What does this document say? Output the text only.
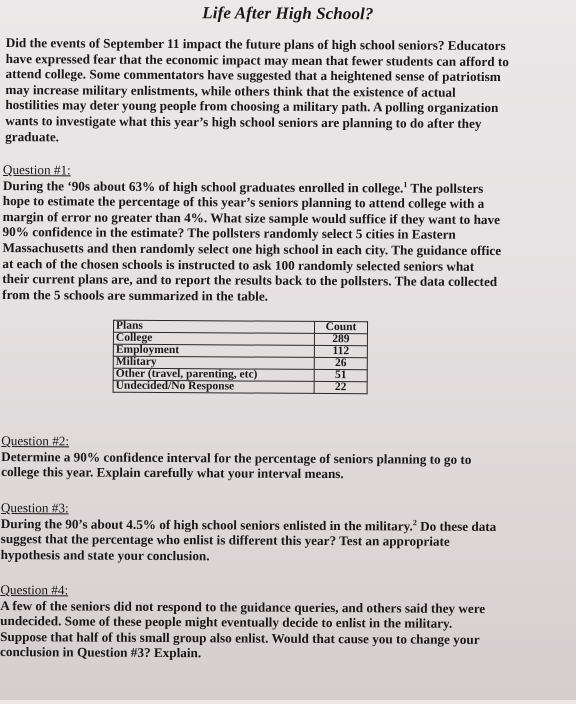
Life After High School?
Did the events of September 11 impact the future plans of high school seniors? Educators
have expressed fear that the economic impact may mean that fewer students can afford to
attend college. Some commentators have suggested that a heightened sense of patriotism
may increase military enlistments, while others think that the existence of actual
hostilities may deter young people from choosing a military path. A polling organization
wants to investigate what this year’s high school seniors are planning to do after they
graduate.
Question #1:
During the ‘90s about 63% of high school graduates enrolled in college.$^1$ The pollsters
hope to estimate the percentage of this year’s seniors planning to attend college with a
margin of error no greater than 4%. What size sample would suffice if they want to have
90% confidence in the estimate? The pollsters randomly select 5 cities in Eastern
Massachusetts and then randomly select one high school in each city. The guidance office
at each of the chosen schools is instructed to ask 100 randomly selected seniors what
their current plans are, and to report the results back to the pollsters. The data collected
from the 5 schools are summarized in the table.
Plans	Count
College	289
Employment	112
Military	26
Other (travel, parenting, etc)	51
Undecided/No Response	22
Question #2:
Determine a 90% confidence interval for the percentage of seniors planning to go to
college this year. Explain carefully what your interval means.
Question #3:
During the 90’s about 4.5% of high school seniors enlisted in the military.$^2$ Do these data
suggest that the percentage who enlist is different this year? Test an appropriate
hypothesis and state your conclusion.
Question #4:
A few of the seniors did not respond to the guidance queries, and others said they were
undecided. Some of these people might eventually decide to enlist in the military.
Suppose that half of this small group also enlist. Would that cause you to change your
conclusion in Question #3? Explain.
